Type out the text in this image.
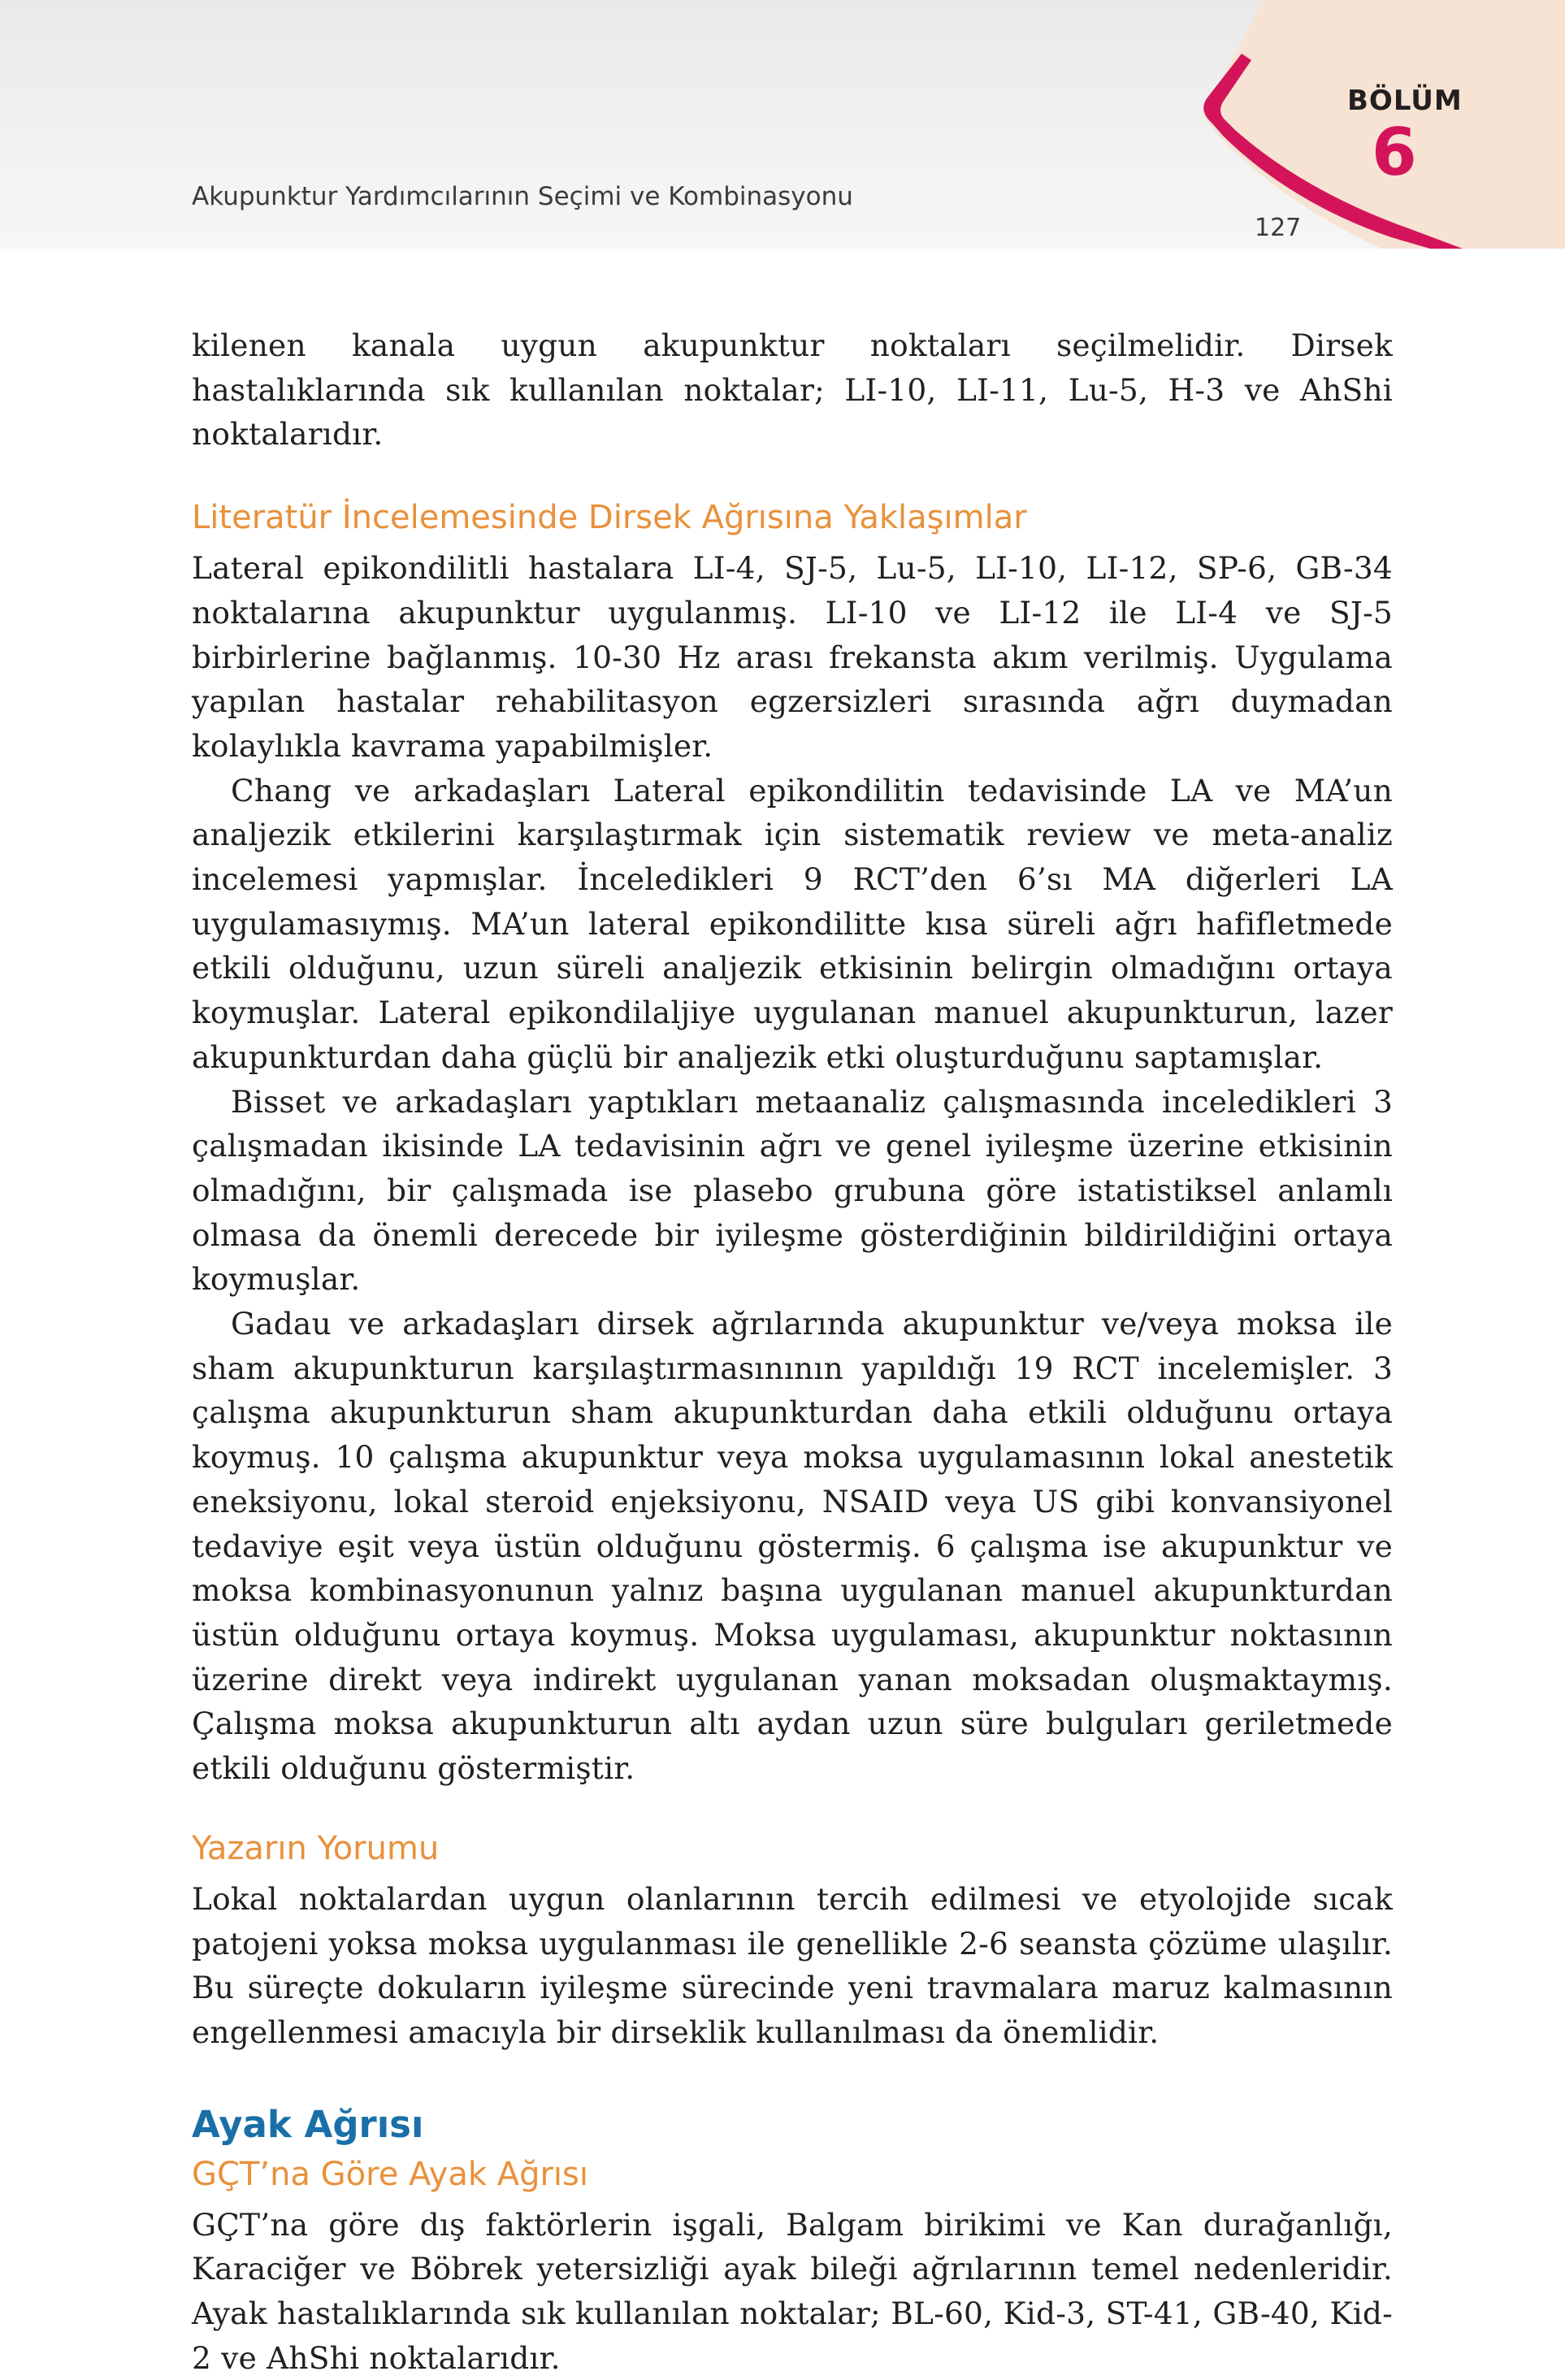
Akupunktur Yardımcılarının Seçimi ve Kombinasyonu
127
BÖLÜM
6

kilenen kanala uygun akupunktur noktaları seçilmelidir. Dirsek hastalıklarında sık kullanılan noktalar; LI-10, LI-11, Lu-5, H-3 ve AhShi noktalarıdır.

Literatür İncelemesinde Dirsek Ağrısına Yaklaşımlar

Lateral epikondilitli hastalara LI-4, SJ-5, Lu-5, LI-10, LI-12, SP-6, GB-34 noktalarına akupunktur uygulanmış. LI-10 ve LI-12 ile LI-4 ve SJ-5 birbirlerine bağlanmış. 10-30 Hz arası frekansta akım verilmiş. Uygulama yapılan hastalar rehabilitasyon egzersizleri sırasında ağrı duymadan kolaylıkla kavrama yapabilmişler.

Chang ve arkadaşları Lateral epikondilitin tedavisinde LA ve MA’un analjezik etkilerini karşılaştırmak için sistematik review ve meta-analiz incelemesi yapmışlar. İnceledikleri 9 RCT’den 6’sı MA diğerleri LA uygulamasıymış. MA’un lateral epikondilitte kısa süreli ağrı hafifletmede etkili olduğunu, uzun süreli analjezik etkisinin belirgin olmadığını ortaya koymuşlar. Lateral epikondilaljiye uygulanan manuel akupunkturun, lazer akupunkturdan daha güçlü bir analjezik etki oluşturduğunu saptamışlar.

Bisset ve arkadaşları yaptıkları metaanaliz çalışmasında inceledikleri 3 çalışmadan ikisinde LA tedavisinin ağrı ve genel iyileşme üzerine etkisinin olmadığını, bir çalışmada ise plasebo grubuna göre istatistiksel anlamlı olmasa da önemli derecede bir iyileşme gösterdiğinin bildirildiğini ortaya koymuşlar.

Gadau ve arkadaşları dirsek ağrılarında akupunktur ve/veya moksa ile sham akupunkturun karşılaştırmasınının yapıldığı 19 RCT incelemişler. 3 çalışma akupunkturun sham akupunkturdan daha etkili olduğunu ortaya koymuş. 10 çalışma akupunktur veya moksa uygulamasının lokal anestetik eneksiyonu, lokal steroid enjeksiyonu, NSAID veya US gibi konvansiyonel tedaviye eşit veya üstün olduğunu göstermiş. 6 çalışma ise akupunktur ve moksa kombinasyonunun yalnız başına uygulanan manuel akupunkturdan üstün olduğunu ortaya koymuş. Moksa uygulaması, akupunktur noktasının üzerine direkt veya indirekt uygulanan yanan moksadan oluşmaktaymış. Çalışma moksa akupunkturun altı aydan uzun süre bulguları geriletmede etkili olduğunu göstermiştir.

Yazarın Yorumu

Lokal noktalardan uygun olanlarının tercih edilmesi ve etyolojide sıcak patojeni yoksa moksa uygulanması ile genellikle 2-6 seansta çözüme ulaşılır. Bu süreçte dokuların iyileşme sürecinde yeni travmalara maruz kalmasının engellenmesi amacıyla bir dirseklik kullanılması da önemlidir.

Ayak Ağrısı
GÇT’na Göre Ayak Ağrısı

GÇT’na göre dış faktörlerin işgali, Balgam birikimi ve Kan durağanlığı, Karaciğer ve Böbrek yetersizliği ayak bileği ağrılarının temel nedenleridir. Ayak hastalıklarında sık kullanılan noktalar; BL-60, Kid-3, ST-41, GB-40, Kid-2 ve AhShi noktalarıdır.
